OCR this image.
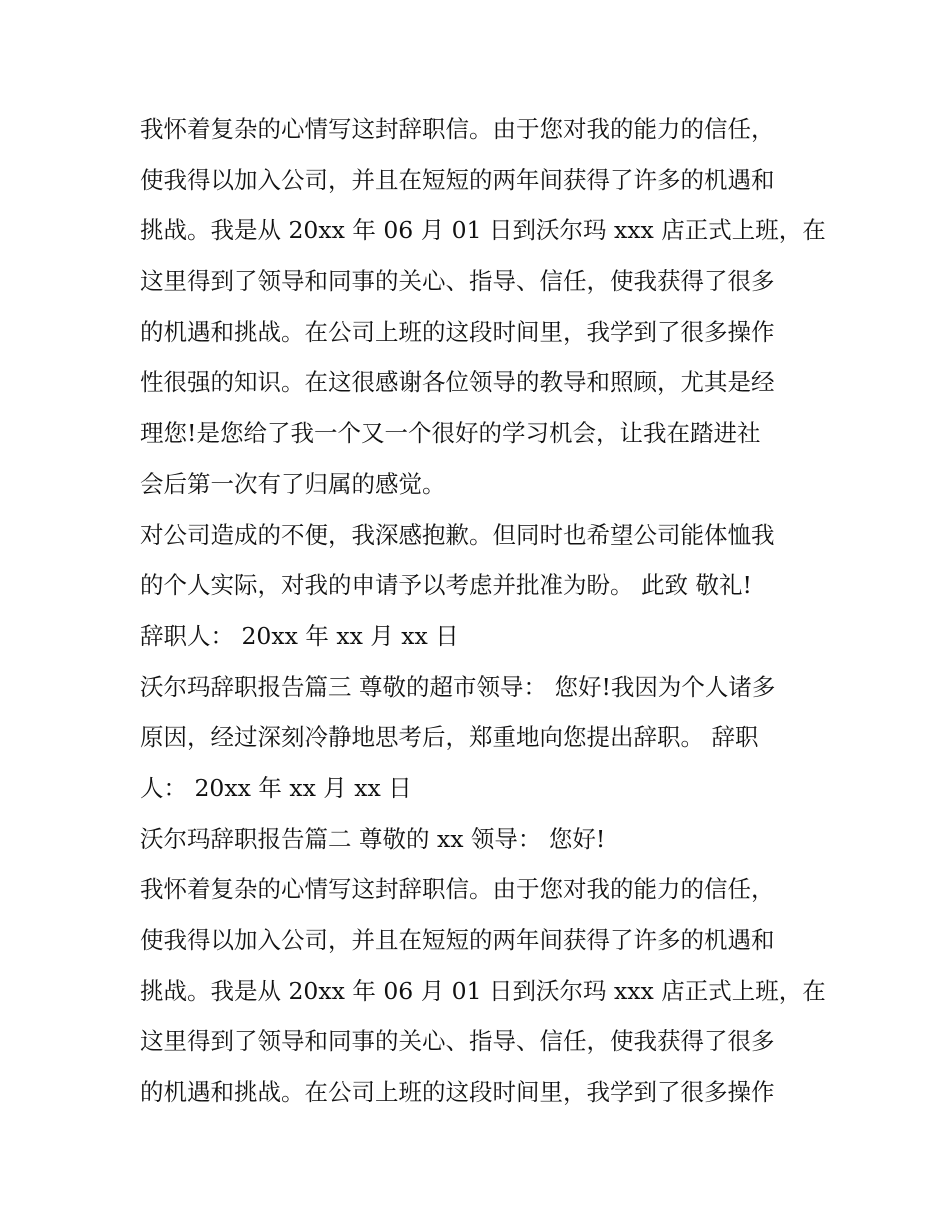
我怀着复杂的心情写这封辞职信。由于您对我的能力的信任，
使我得以加入公司，并且在短短的两年间获得了许多的机遇和
挑战。我是从 20xx 年 06 月 01 日到沃尔玛 xxx 店正式上班，在
这里得到了领导和同事的关心、指导、信任，使我获得了很多
的机遇和挑战。在公司上班的这段时间里，我学到了很多操作
性很强的知识。在这很感谢各位领导的教导和照顾，尤其是经
理您!是您给了我一个又一个很好的学习机会，让我在踏进社
会后第一次有了归属的感觉。
对公司造成的不便，我深感抱歉。但同时也希望公司能体恤我
的个人实际，对我的申请予以考虑并批准为盼。 此致 敬礼!
辞职人： 20xx 年 xx 月 xx 日
沃尔玛辞职报告篇三 尊敬的超市领导： 您好!我因为个人诸多
原因，经过深刻冷静地思考后，郑重地向您提出辞职。 辞职
人： 20xx 年 xx 月 xx 日
沃尔玛辞职报告篇二 尊敬的 xx 领导： 您好!
我怀着复杂的心情写这封辞职信。由于您对我的能力的信任，
使我得以加入公司，并且在短短的两年间获得了许多的机遇和
挑战。我是从 20xx 年 06 月 01 日到沃尔玛 xxx 店正式上班，在
这里得到了领导和同事的关心、指导、信任，使我获得了很多
的机遇和挑战。在公司上班的这段时间里，我学到了很多操作
